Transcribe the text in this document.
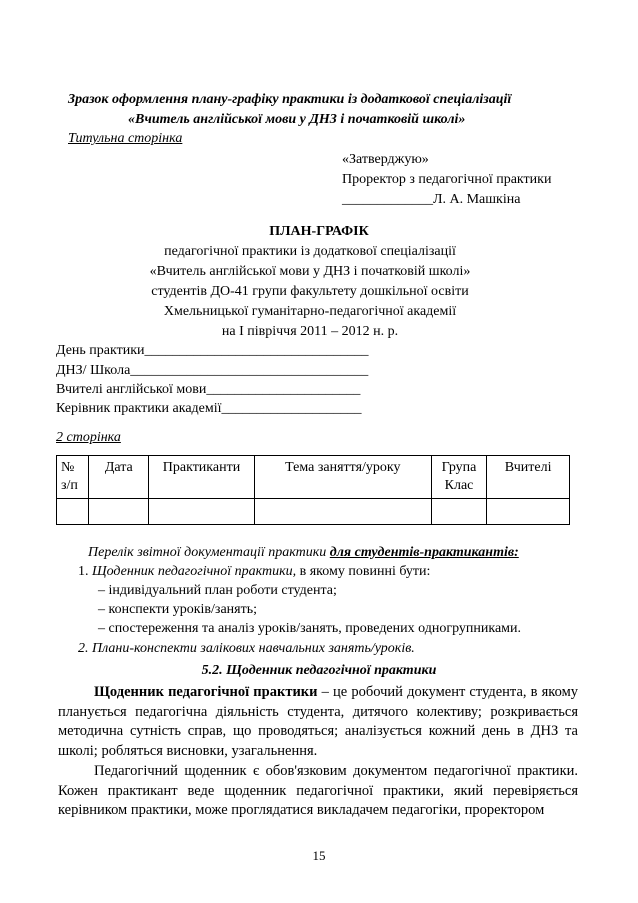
Зразок оформлення плану-графіку практики із додаткової спеціалізації
«Вчитель англійської мови у ДНЗ і початковій школі»
Титульна сторінка
«Затверджую»
Проректор з педагогічної практики
_____________Л. А. Машкіна
ПЛАН-ГРАФІК
педагогічної практики із додаткової спеціалізації
«Вчитель англійської мови у ДНЗ і початковій школі»
студентів ДО-41 групи факультету дошкільної освіти
Хмельницької гуманітарно-педагогічної академії
на І півріччя 2011 – 2012 н. р.
День практики________________________________
ДНЗ/ Школа__________________________________
Вчителі англійської мови______________________
Керівник практики академії____________________
2 сторінка
№ з/п	Дата	Практиканти	Тема заняття/уроку	Група Клас	Вчителі

Перелік звітної документації практики для студентів-практикантів:
1. Щоденник педагогічної практики, в якому повинні бути:
– індивідуальний план роботи студента;
– конспекти уроків/занять;
– спостереження та аналіз уроків/занять, проведених одногрупниками.
2. Плани-конспекти залікових навчальних занять/уроків.
5.2. Щоденник педагогічної практики

Щоденник педагогічної практики – це робочий документ студента, в якому планується педагогічна діяльність студента, дитячого колективу; розкривається методична сутність справ, що проводяться; аналізується кожний день в ДНЗ та школі; робляться висновки, узагальнення.

Педагогічний щоденник є обов'язковим документом педагогічної практики. Кожен практикант веде щоденник педагогічної практики, який перевіряється керівником практики, може проглядатися викладачем педагогіки, проректором

15
